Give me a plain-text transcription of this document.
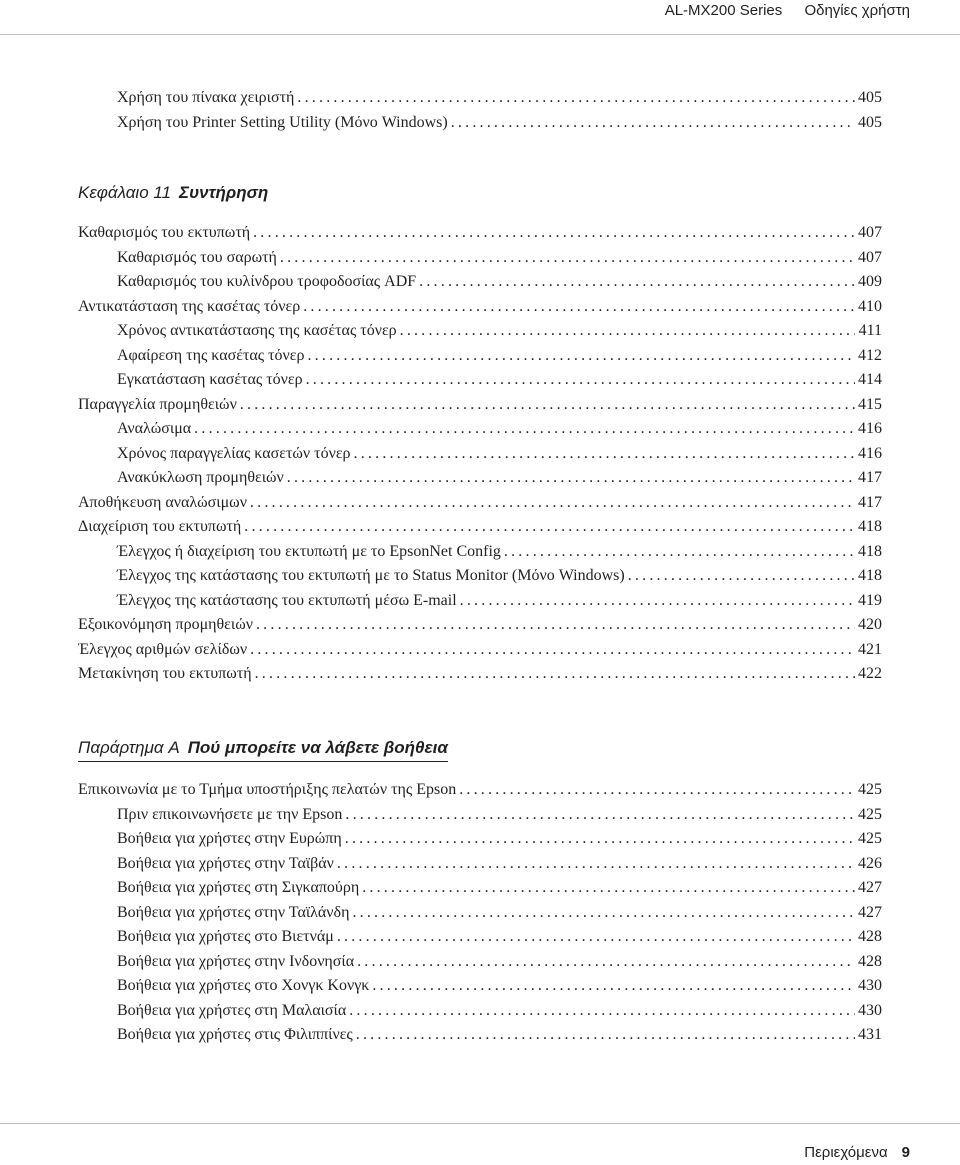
AL-MX200 Series Οδηγίες χρήστη
Χρήση του πίνακα χειριστή .....	405
Χρήση του Printer Setting Utility (Μόνο Windows) .....	405
Κεφάλαιο 11 Συντήρηση
Καθαρισμός του εκτυπωτή .....	407
Καθαρισμός του σαρωτή .....	407
Καθαρισμός του κυλίνδρου τροφοδοσίας ADF .....	409
Αντικατάσταση της κασέτας τόνερ .....	410
Χρόνος αντικατάστασης της κασέτας τόνερ .....	411
Αφαίρεση της κασέτας τόνερ .....	412
Εγκατάσταση κασέτας τόνερ .....	414
Παραγγελία προμηθειών .....	415
Αναλώσιμα .....	416
Χρόνος παραγγελίας κασετών τόνερ .....	416
Ανακύκλωση προμηθειών .....	417
Αποθήκευση αναλώσιμων .....	417
Διαχείριση του εκτυπωτή .....	418
Έλεγχος ή διαχείριση του εκτυπωτή με το EpsonNet Config .....	418
Έλεγχος της κατάστασης του εκτυπωτή με το Status Monitor (Μόνο Windows) .....	418
Έλεγχος της κατάστασης του εκτυπωτή μέσω E-mail .....	419
Εξοικονόμηση προμηθειών .....	420
Έλεγχος αριθμών σελίδων .....	421
Μετακίνηση του εκτυπωτή .....	422
Παράρτημα A Πού μπορείτε να λάβετε βοήθεια
Επικοινωνία με το Τμήμα υποστήριξης πελατών της Epson .....	425
Πριν επικοινωνήσετε με την Epson .....	425
Βοήθεια για χρήστες στην Ευρώπη .....	425
Βοήθεια για χρήστες στην Ταϊβάν .....	426
Βοήθεια για χρήστες στη Σιγκαπούρη .....	427
Βοήθεια για χρήστες στην Ταϊλάνδη .....	427
Βοήθεια για χρήστες στο Βιετνάμ .....	428
Βοήθεια για χρήστες στην Ινδονησία .....	428
Βοήθεια για χρήστες στο Χονγκ Κονγκ .....	430
Βοήθεια για χρήστες στη Μαλαισία .....	430
Βοήθεια για χρήστες στις Φιλιππίνες .....	431
Περιεχόμενα 9
